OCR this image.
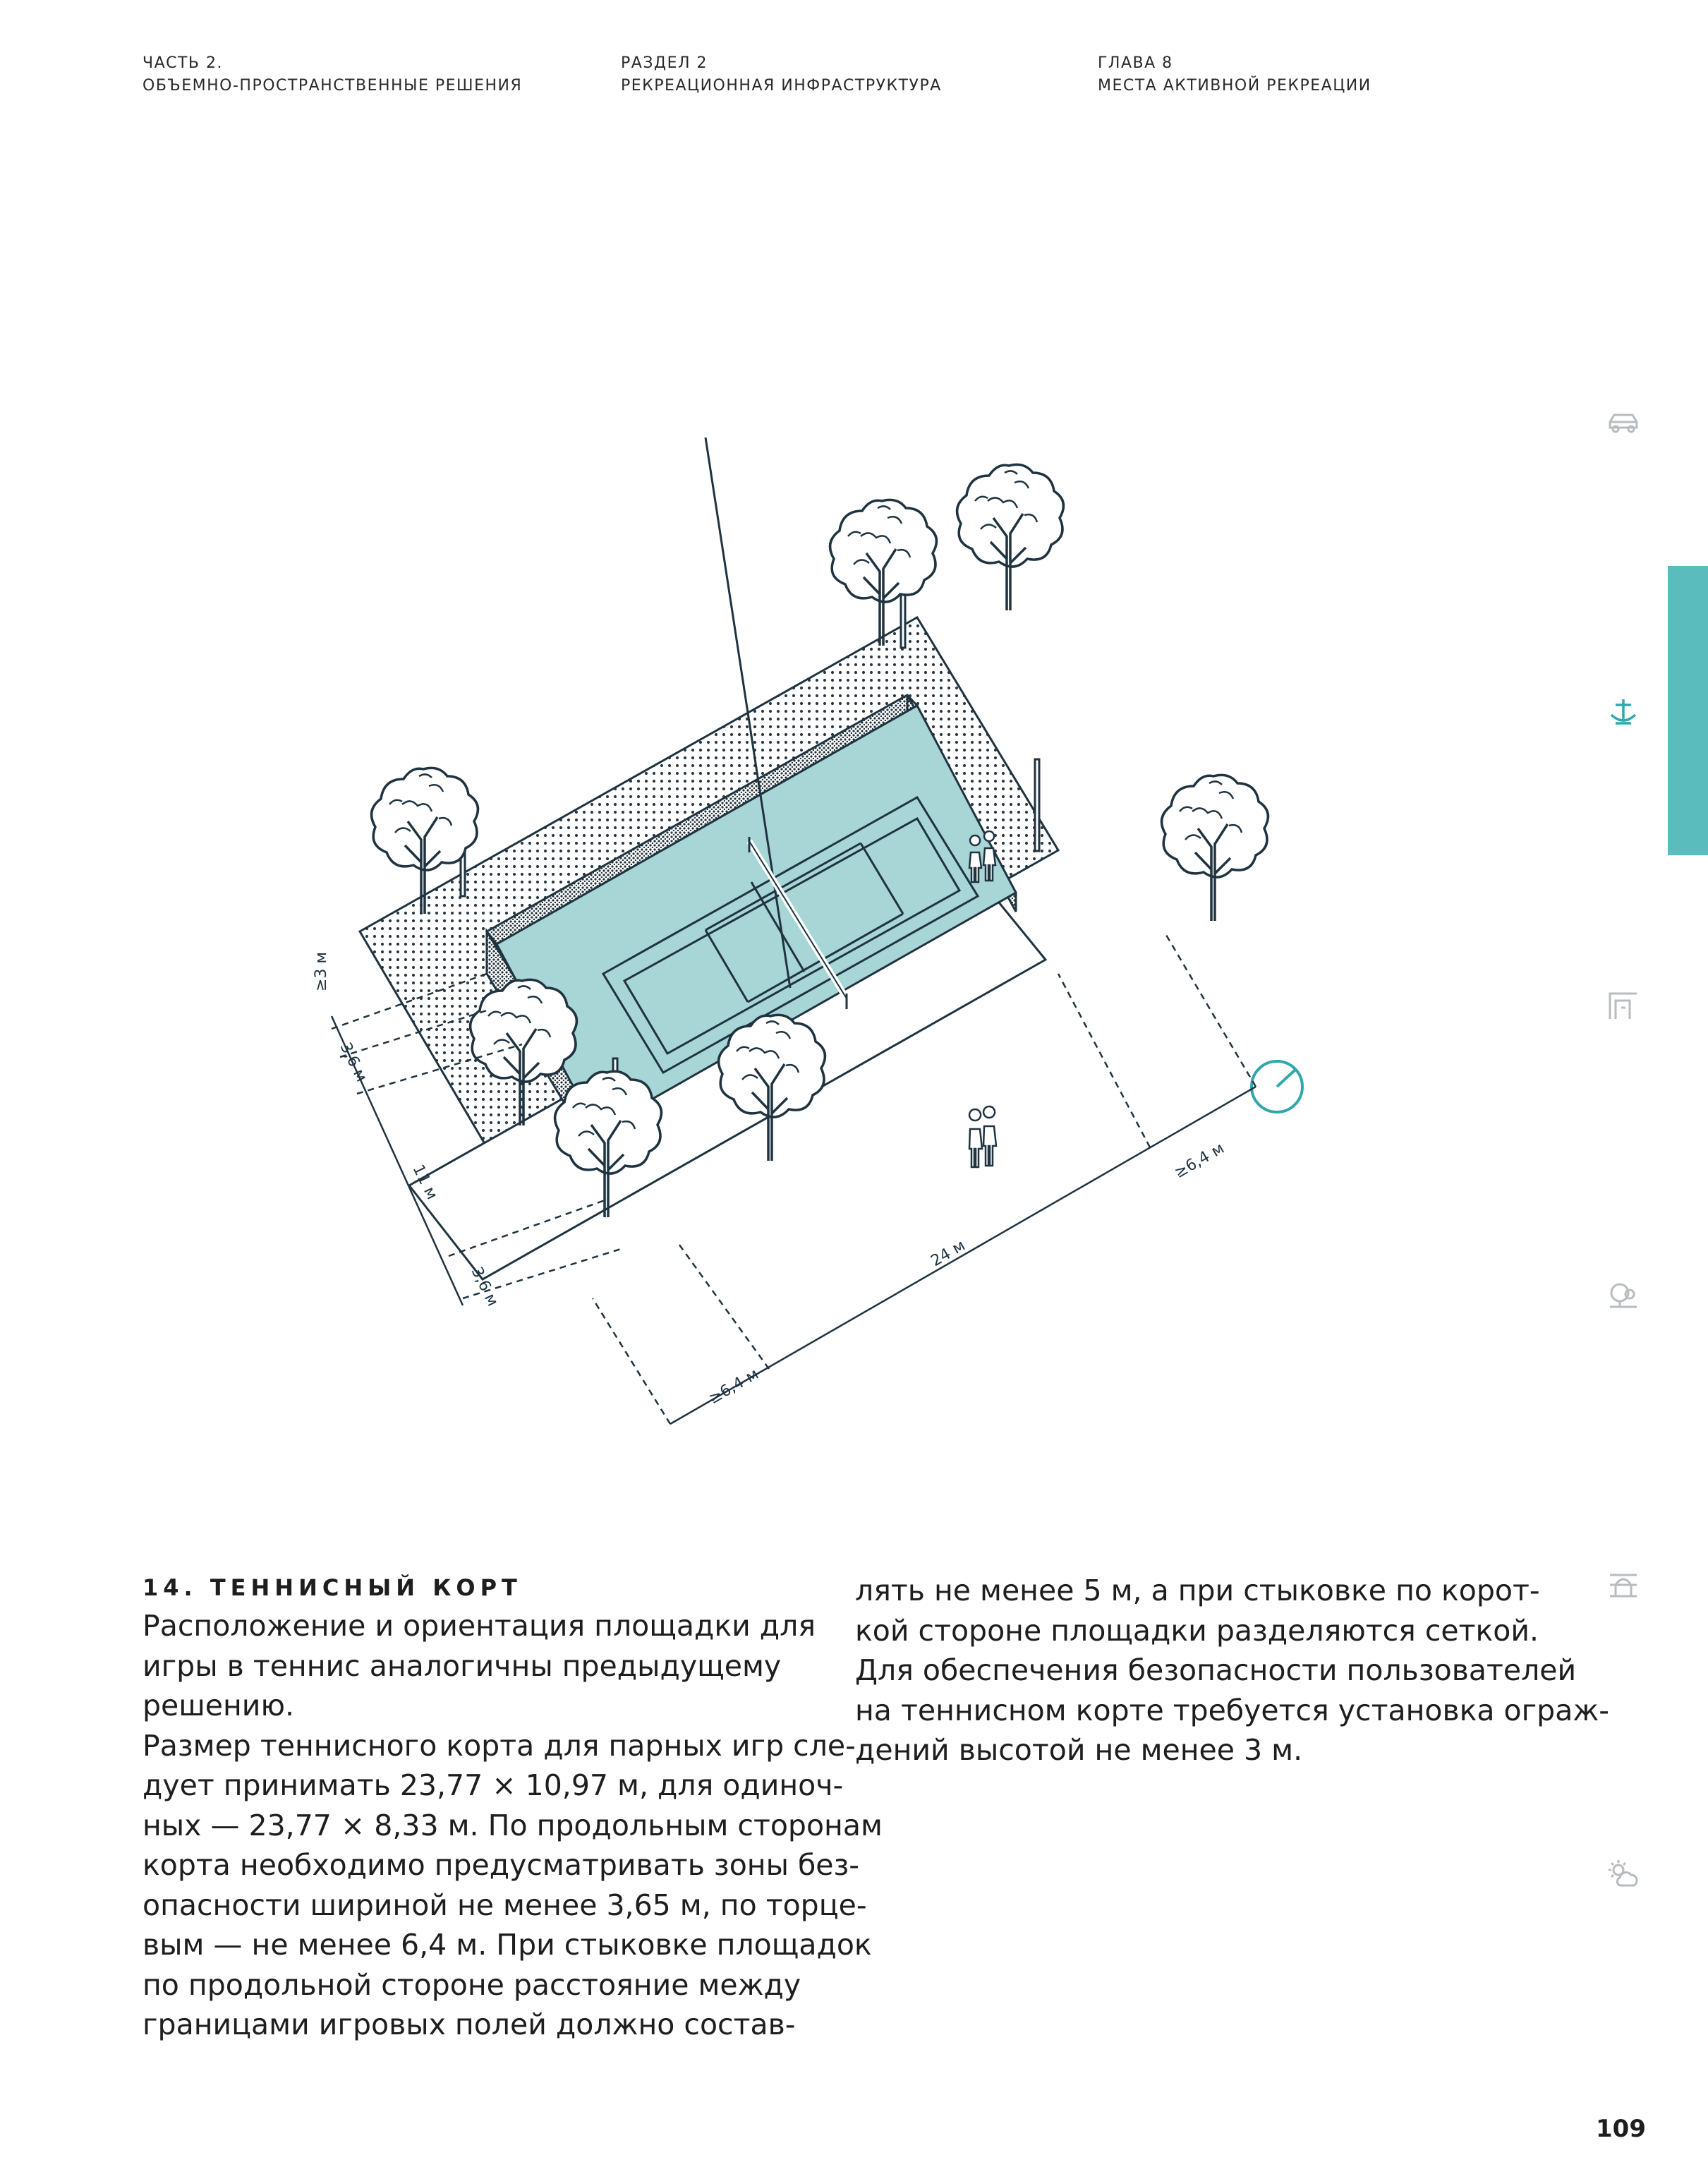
ЧАСТЬ 2.
ОБЪЕМНО-ПРОСТРАНСТВЕННЫЕ РЕШЕНИЯ
РАЗДЕЛ 2
РЕКРЕАЦИОННАЯ ИНФРАСТРУКТУРА
ГЛАВА 8
МЕСТА АКТИВНОЙ РЕКРЕАЦИИ
≥3 м
3,6 м
11 м
3,6 м
24 м
≥6,4 м
≥6,4 м
14. ТЕННИСНЫЙ КОРТ

Расположение и ориентация площадки для

игры в теннис аналогичны предыдущему

решению.

Размер теннисного корта для парных игр сле-

дует принимать 23,77 × 10,97 м, для одиноч-

ных — 23,77 × 8,33 м. По продольным сторонам

корта необходимо предусматривать зоны без-

опасности шириной не менее 3,65 м, по торце-

вым — не менее 6,4 м. При стыковке площадок

по продольной стороне расстояние между

границами игровых полей должно состав-

лять не менее 5 м, а при стыковке по корот-

кой стороне площадки разделяются сеткой.

Для обеспечения безопасности пользователей

на теннисном корте требуется установка ограж-

дений высотой не менее 3 м.

109
